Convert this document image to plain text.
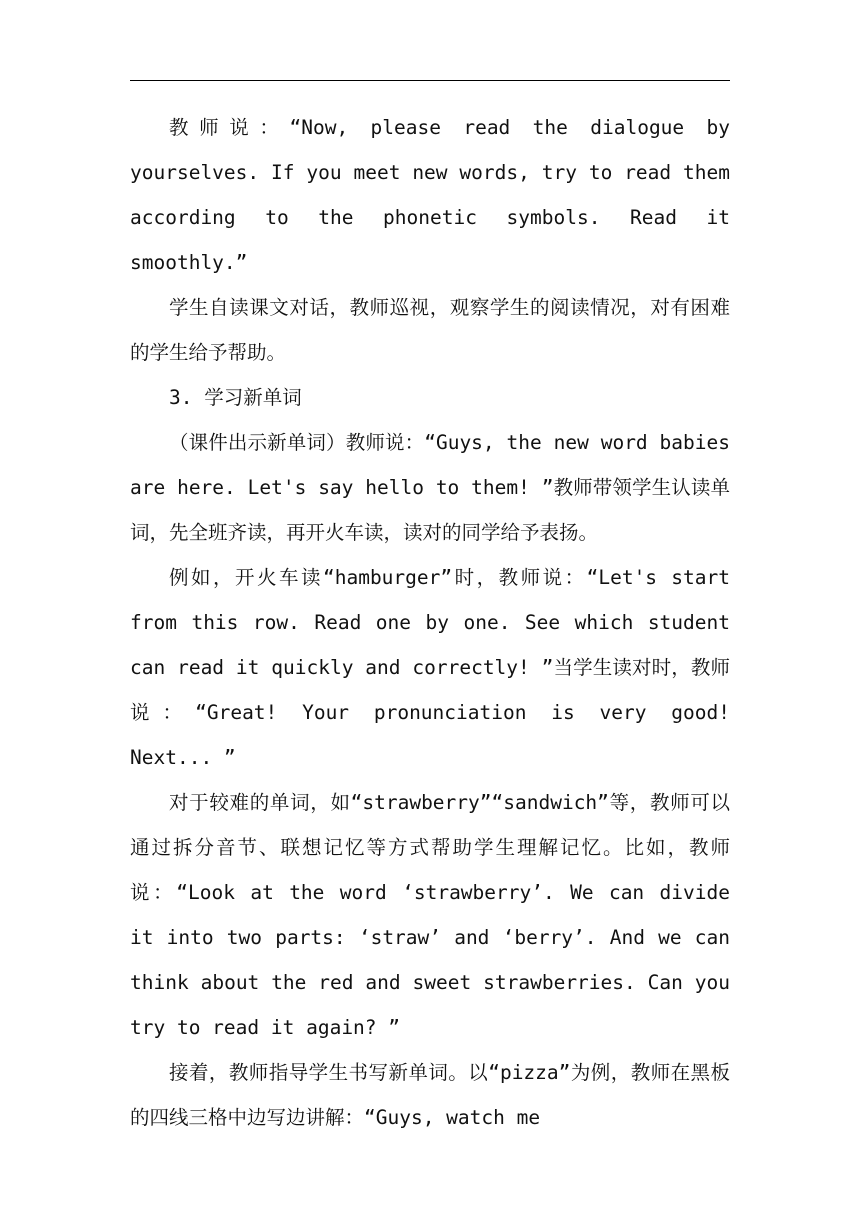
教师说：“Now, please read the dialogue by yourselves. If you meet new words, try to read them according to the phonetic symbols. Read it smoothly.”

学生自读课文对话，教师巡视，观察学生的阅读情况，对有困难的学生给予帮助。

3. 学习新单词

（课件出示新单词）教师说：“Guys, the new word babies are here. Let's say hello to them! ”教师带领学生认读单词，先全班齐读，再开火车读，读对的同学给予表扬。

例如，开火车读“hamburger”时，教师说：“Let's start from this row. Read one by one. See which student can read it quickly and correctly! ”当学生读对时，教师说：“Great! Your pronunciation is very good! Next... ”

对于较难的单词，如“strawberry”“sandwich”等，教师可以通过拆分音节、联想记忆等方式帮助学生理解记忆。比如，教师说：“Look at the word ‘strawberry’. We can divide it into two parts: ‘straw’ and ‘berry’. And we can think about the red and sweet strawberries. Can you try to read it again? ”

接着，教师指导学生书写新单词。以“pizza”为例，教师在黑板的四线三格中边写边讲解：“Guys, watch me
